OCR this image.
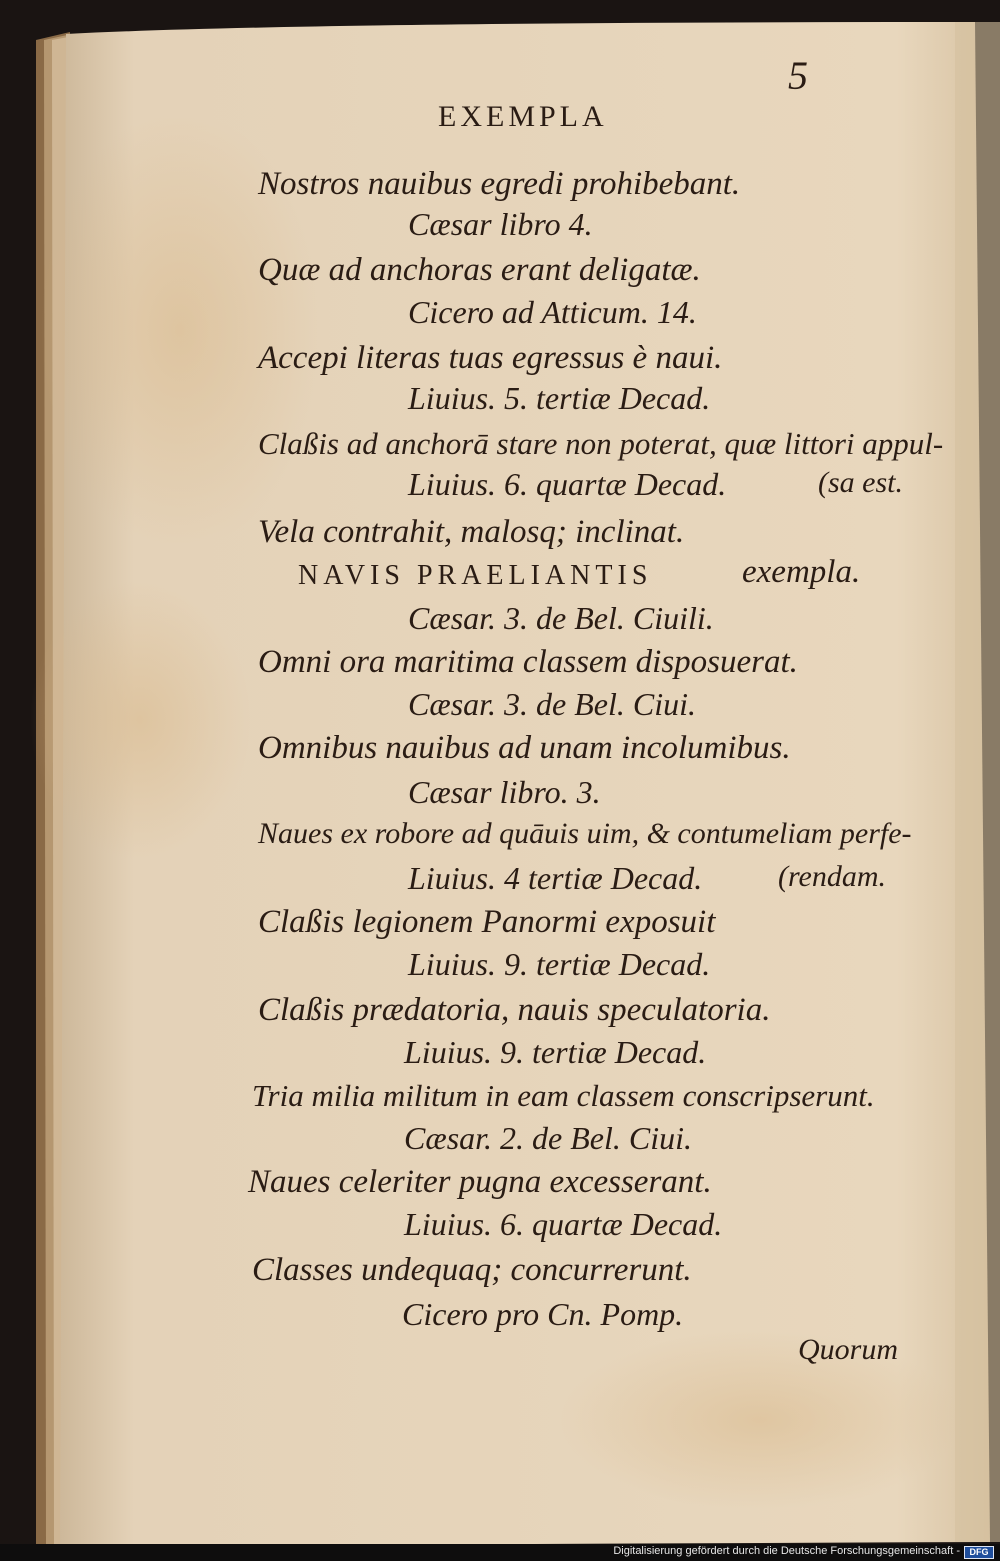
EXEMPLA
5
Nostros nauibus egredi prohibebant.
Cæsar libro 4.
Quæ ad anchoras erant deligatæ.
Cicero ad Atticum. 14.
Accepi literas tuas egressus è naui.
Liuius. 5. tertiæ Decad.
Claßis ad anchorā stare non poterat, quæ littori appul-
Liuius. 6. quartæ Decad.	(sa est.
Vela contrahit, malosq; inclinat.
NAVIS PRAELIANTIS	exempla.
Cæsar. 3. de Bel. Ciuili.
Omni ora maritima classem disposuerat.
Cæsar. 3. de Bel. Ciui.
Omnibus nauibus ad unam incolumibus.
Cæsar libro. 3.
Naues ex robore ad quāuis uim, & contumeliam perfe-
Liuius. 4 tertiæ Decad.	(rendam.
Claßis legionem Panormi exposuit
Liuius. 9. tertiæ Decad.
Claßis prædatoria, nauis speculatoria.
Liuius. 9. tertiæ Decad.
Tria milia militum in eam classem conscripserunt.
Cæsar. 2. de Bel. Ciui.
Naues celeriter pugna excesserant.
Liuius. 6. quartæ Decad.
Classes undequaq; concurrerunt.
Cicero pro Cn. Pomp.
Quorum
Digitalisierung gefördert durch die Deutsche Forschungsgemeinschaft -	DFG
